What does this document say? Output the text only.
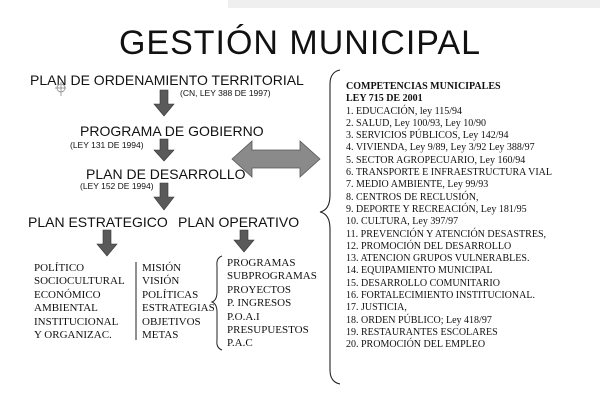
GESTIÓN MUNICIPAL
PLAN DE ORDENAMIENTO TERRITORIAL
(CN, LEY 388 DE 1997)
PROGRAMA DE GOBIERNO
(LEY 131 DE 1994)
PLAN DE DESARROLLO
(LEY 152 DE 1994)
PLAN ESTRATEGICO PLAN OPERATIVO
POLÍTICO
SOCIOCULTURAL
ECONÓMICO
AMBIENTAL
INSTITUCIONAL
Y ORGANIZAC.
MISIÓN
VISIÓN
POLÍTICAS
ESTRATEGIAS
OBJETIVOS
METAS
PROGRAMAS
SUBPROGRAMAS
PROYECTOS
P. INGRESOS
P.O.A.I
PRESUPUESTOS
P.A.C
COMPETENCIAS MUNICIPALES
LEY 715 DE 2001
1. EDUCACIÓN, ley 115/94
2. SALUD, Ley 100/93, Ley 10/90
3. SERVICIOS PÚBLICOS, Ley 142/94
4. VIVIENDA, Ley 9/89, Ley 3/92 Ley 388/97
5. SECTOR AGROPECUARIO, Ley 160/94
6. TRANSPORTE E INFRAESTRUCTURA VIAL
7. MEDIO AMBIENTE, Ley 99/93
8. CENTROS DE RECLUSIÓN,
9. DEPORTE Y RECREACIÓN, Ley 181/95
10. CULTURA, Ley 397/97
11. PREVENCIÓN Y ATENCIÓN DESASTRES,
12. PROMOCIÓN DEL DESARROLLO
13. ATENCION GRUPOS VULNERABLES.
14. EQUIPAMIENTO MUNICIPAL
15. DESARROLLO COMUNITARIO
16. FORTALECIMIENTO INSTITUCIONAL.
17. JUSTICIA,
18. ORDEN PÚBLICO; Ley 418/97
19. RESTAURANTES ESCOLARES
20. PROMOCIÓN DEL EMPLEO
